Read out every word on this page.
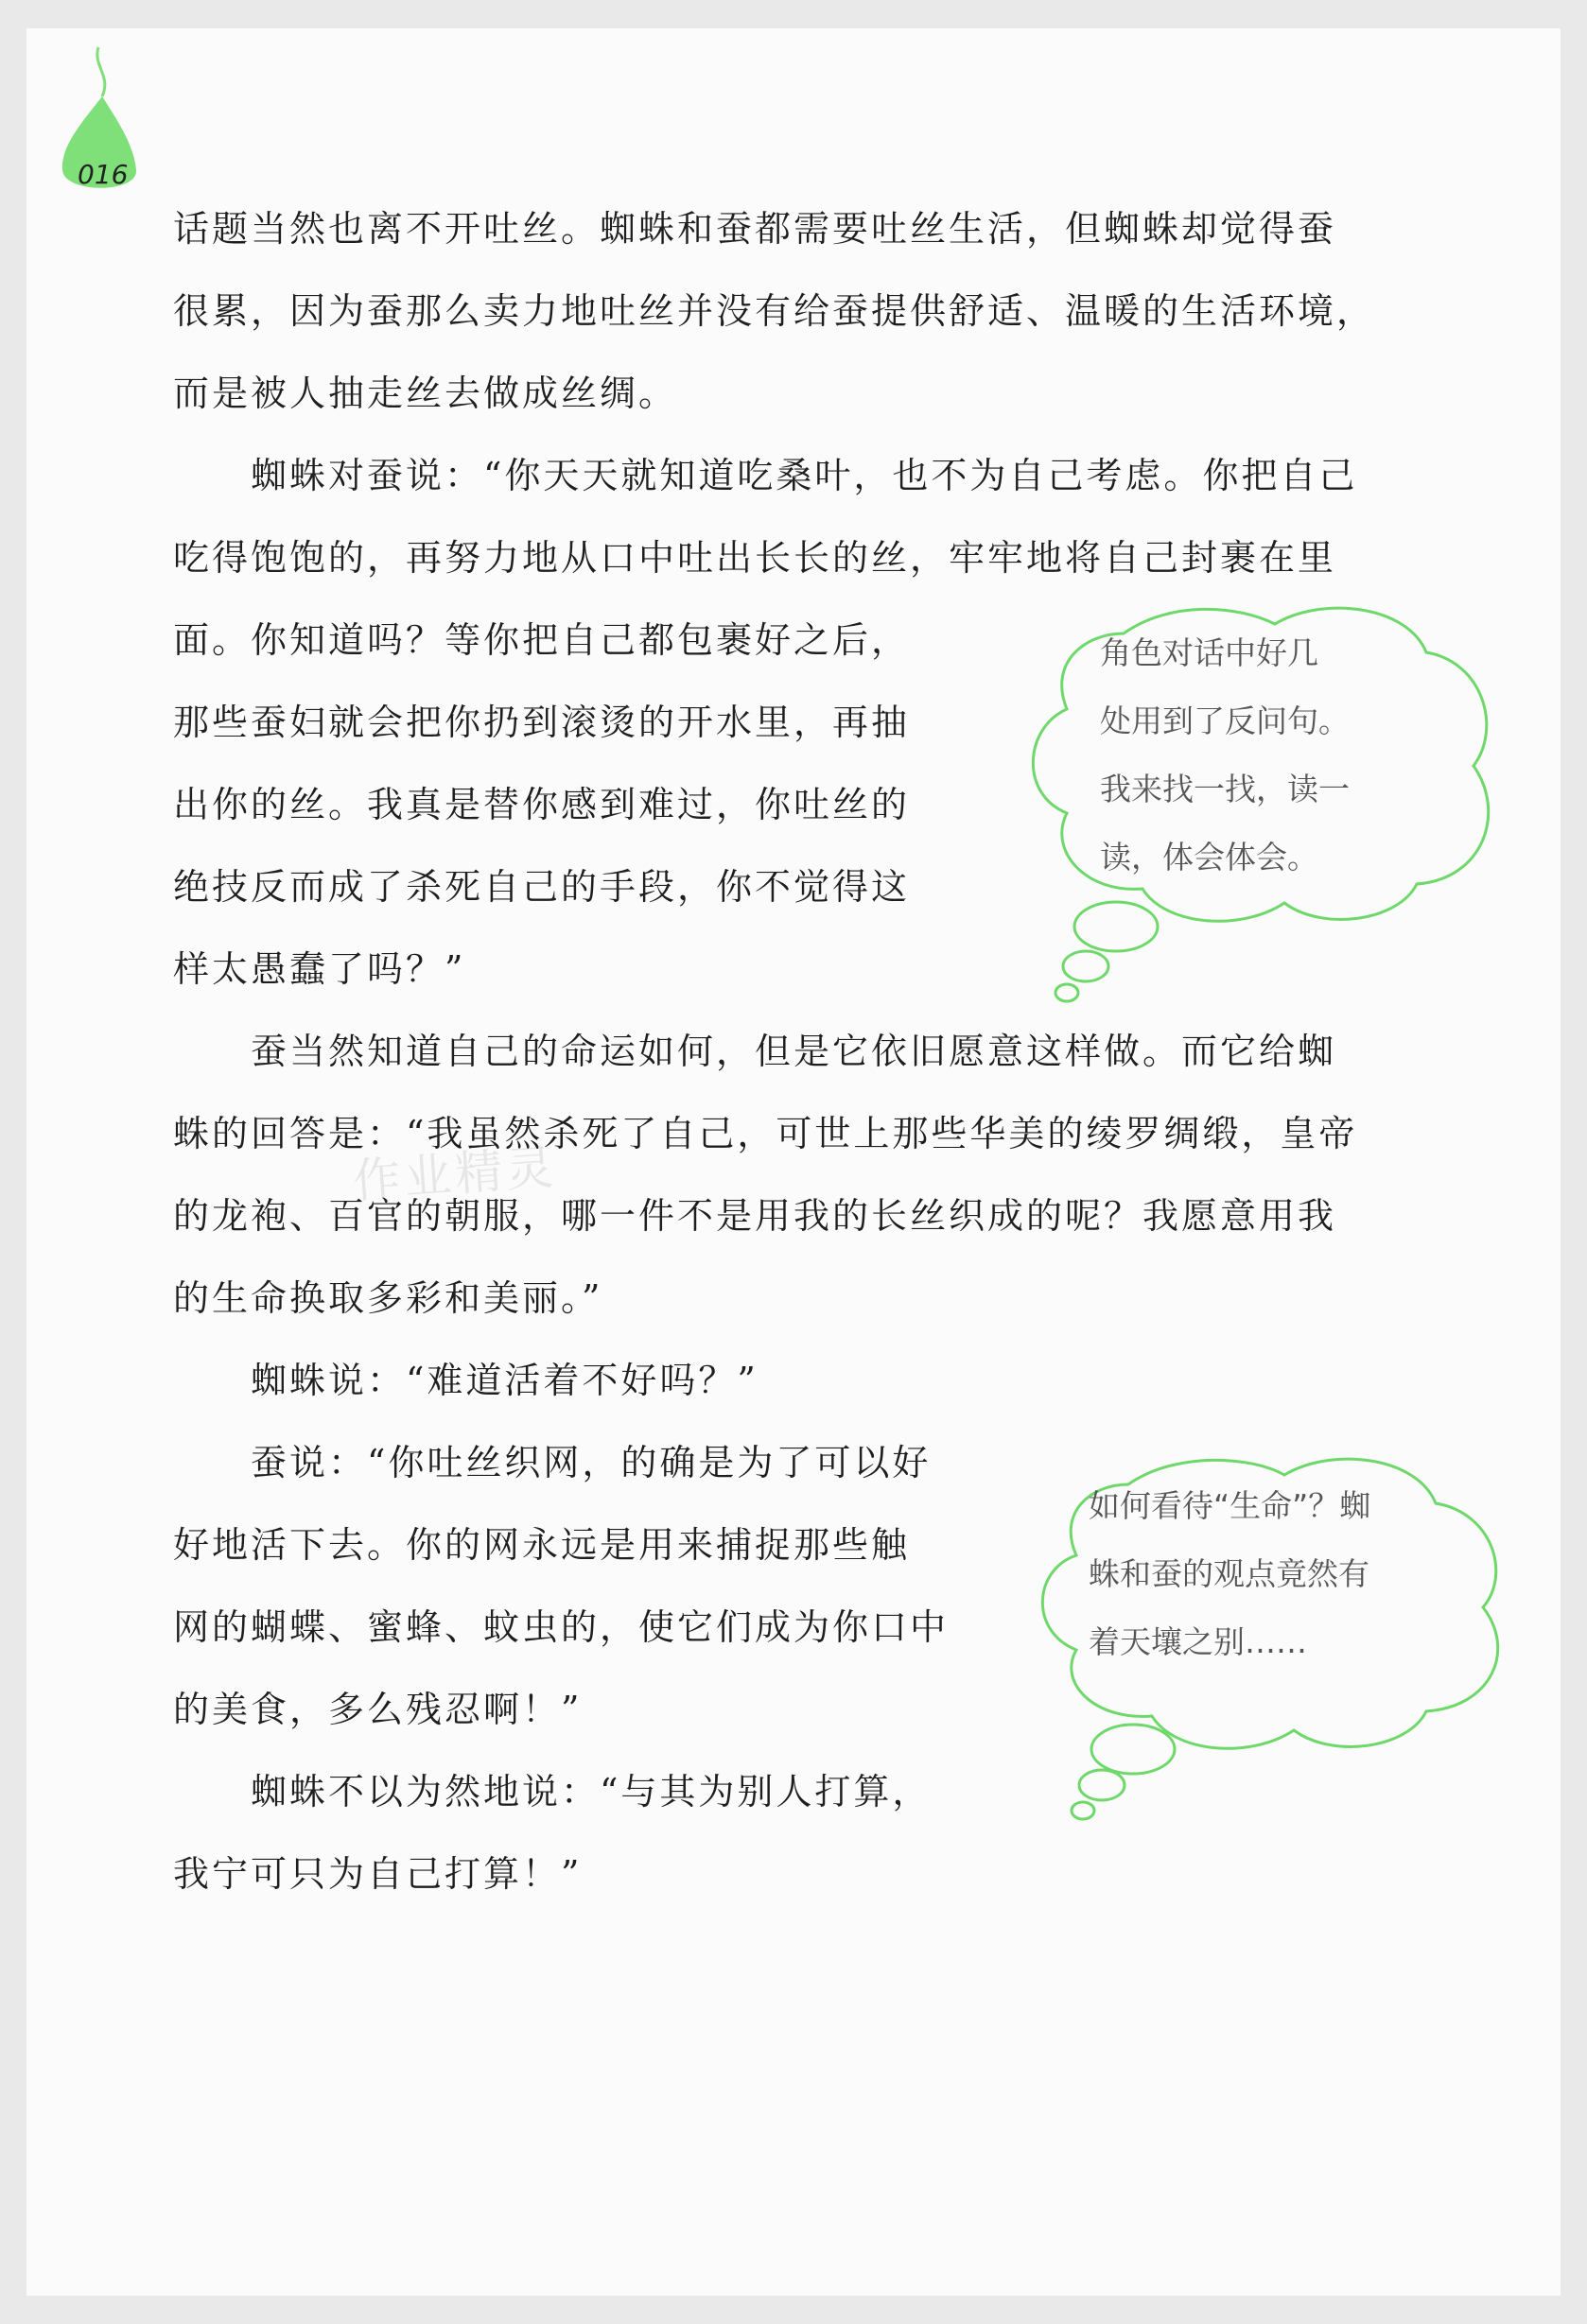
016
作业精灵
角色对话中好几
处用到了反问句。
我来找一找，读一
读，体会体会。
如何看待“生命”？蜘
蛛和蚕的观点竟然有
着天壤之别……
话题当然也离不开吐丝。蜘蛛和蚕都需要吐丝生活，但蜘蛛却觉得蚕
很累，因为蚕那么卖力地吐丝并没有给蚕提供舒适、温暖的生活环境，
而是被人抽走丝去做成丝绸。
　　蜘蛛对蚕说：“你天天就知道吃桑叶，也不为自己考虑。你把自己
吃得饱饱的，再努力地从口中吐出长长的丝，牢牢地将自己封裹在里
面。你知道吗？等你把自己都包裹好之后，
那些蚕妇就会把你扔到滚烫的开水里，再抽
出你的丝。我真是替你感到难过，你吐丝的
绝技反而成了杀死自己的手段，你不觉得这
样太愚蠢了吗？”
　　蚕当然知道自己的命运如何，但是它依旧愿意这样做。而它给蜘
蛛的回答是：“我虽然杀死了自己，可世上那些华美的绫罗绸缎，皇帝
的龙袍、百官的朝服，哪一件不是用我的长丝织成的呢？我愿意用我
的生命换取多彩和美丽。”
　　蜘蛛说：“难道活着不好吗？”
　　蚕说：“你吐丝织网，的确是为了可以好
好地活下去。你的网永远是用来捕捉那些触
网的蝴蝶、蜜蜂、蚊虫的，使它们成为你口中
的美食，多么残忍啊！”
　　蜘蛛不以为然地说：“与其为别人打算，
我宁可只为自己打算！”
